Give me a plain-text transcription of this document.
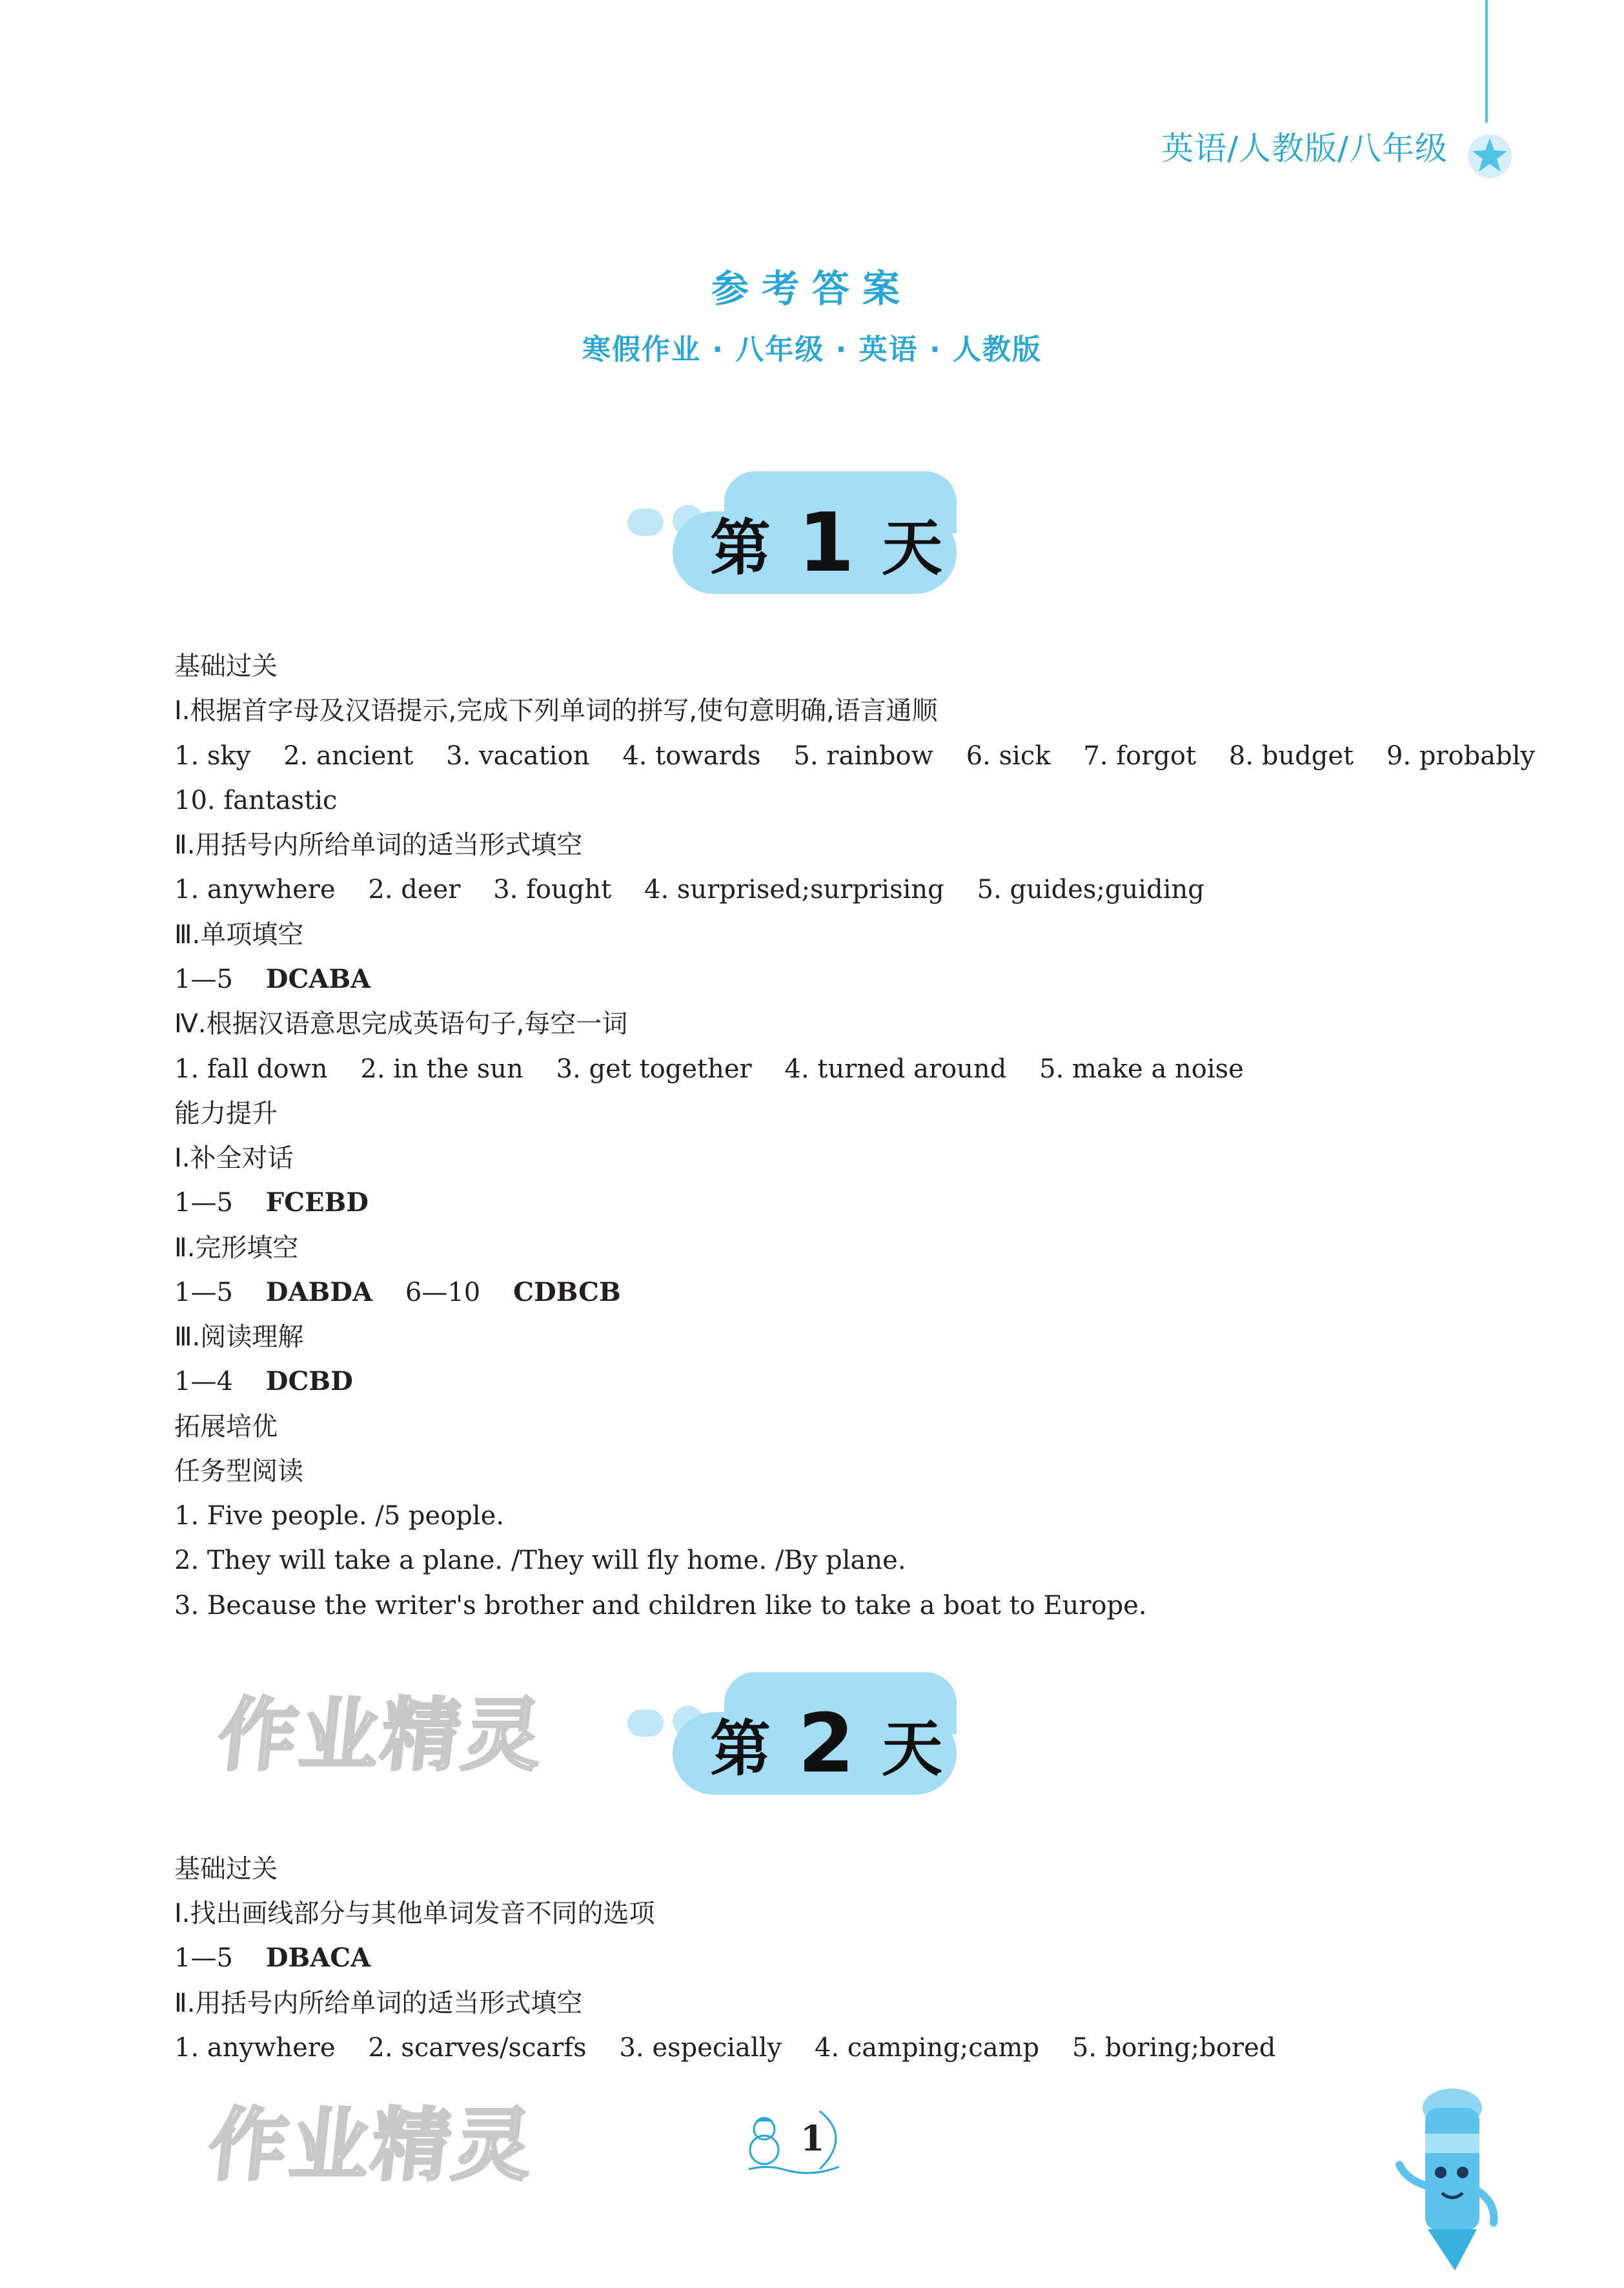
英语/人教版/八年级
参考答案
寒假作业 · 八年级 · 英语 · 人教版
第 1 天
基础过关
Ⅰ.根据首字母及汉语提示,完成下列单词的拼写,使句意明确,语言通顺
1. sky    2. ancient    3. vacation    4. towards    5. rainbow    6. sick    7. forgot    8. budget    9. probably
10. fantastic
Ⅱ.用括号内所给单词的适当形式填空
1. anywhere    2. deer    3. fought    4. surprised;surprising    5. guides;guiding
Ⅲ.单项填空
1—5    DCABA
Ⅳ.根据汉语意思完成英语句子,每空一词
1. fall down    2. in the sun    3. get together    4. turned around    5. make a noise
能力提升
Ⅰ.补全对话
1—5    FCEBD
Ⅱ.完形填空
1—5    DABDA    6—10    CDBCB
Ⅲ.阅读理解
1—4    DCBD
拓展培优
任务型阅读
1. Five people. /5 people.
2. They will take a plane. /They will fly home. /By plane.
3. Because the writer's brother and children like to take a boat to Europe.
作业精灵	第 2 天
基础过关
Ⅰ.找出画线部分与其他单词发音不同的选项
1—5    DBACA
Ⅱ.用括号内所给单词的适当形式填空
1. anywhere    2. scarves/scarfs    3. especially    4. camping;camp    5. boring;bored
作业精灵	1
